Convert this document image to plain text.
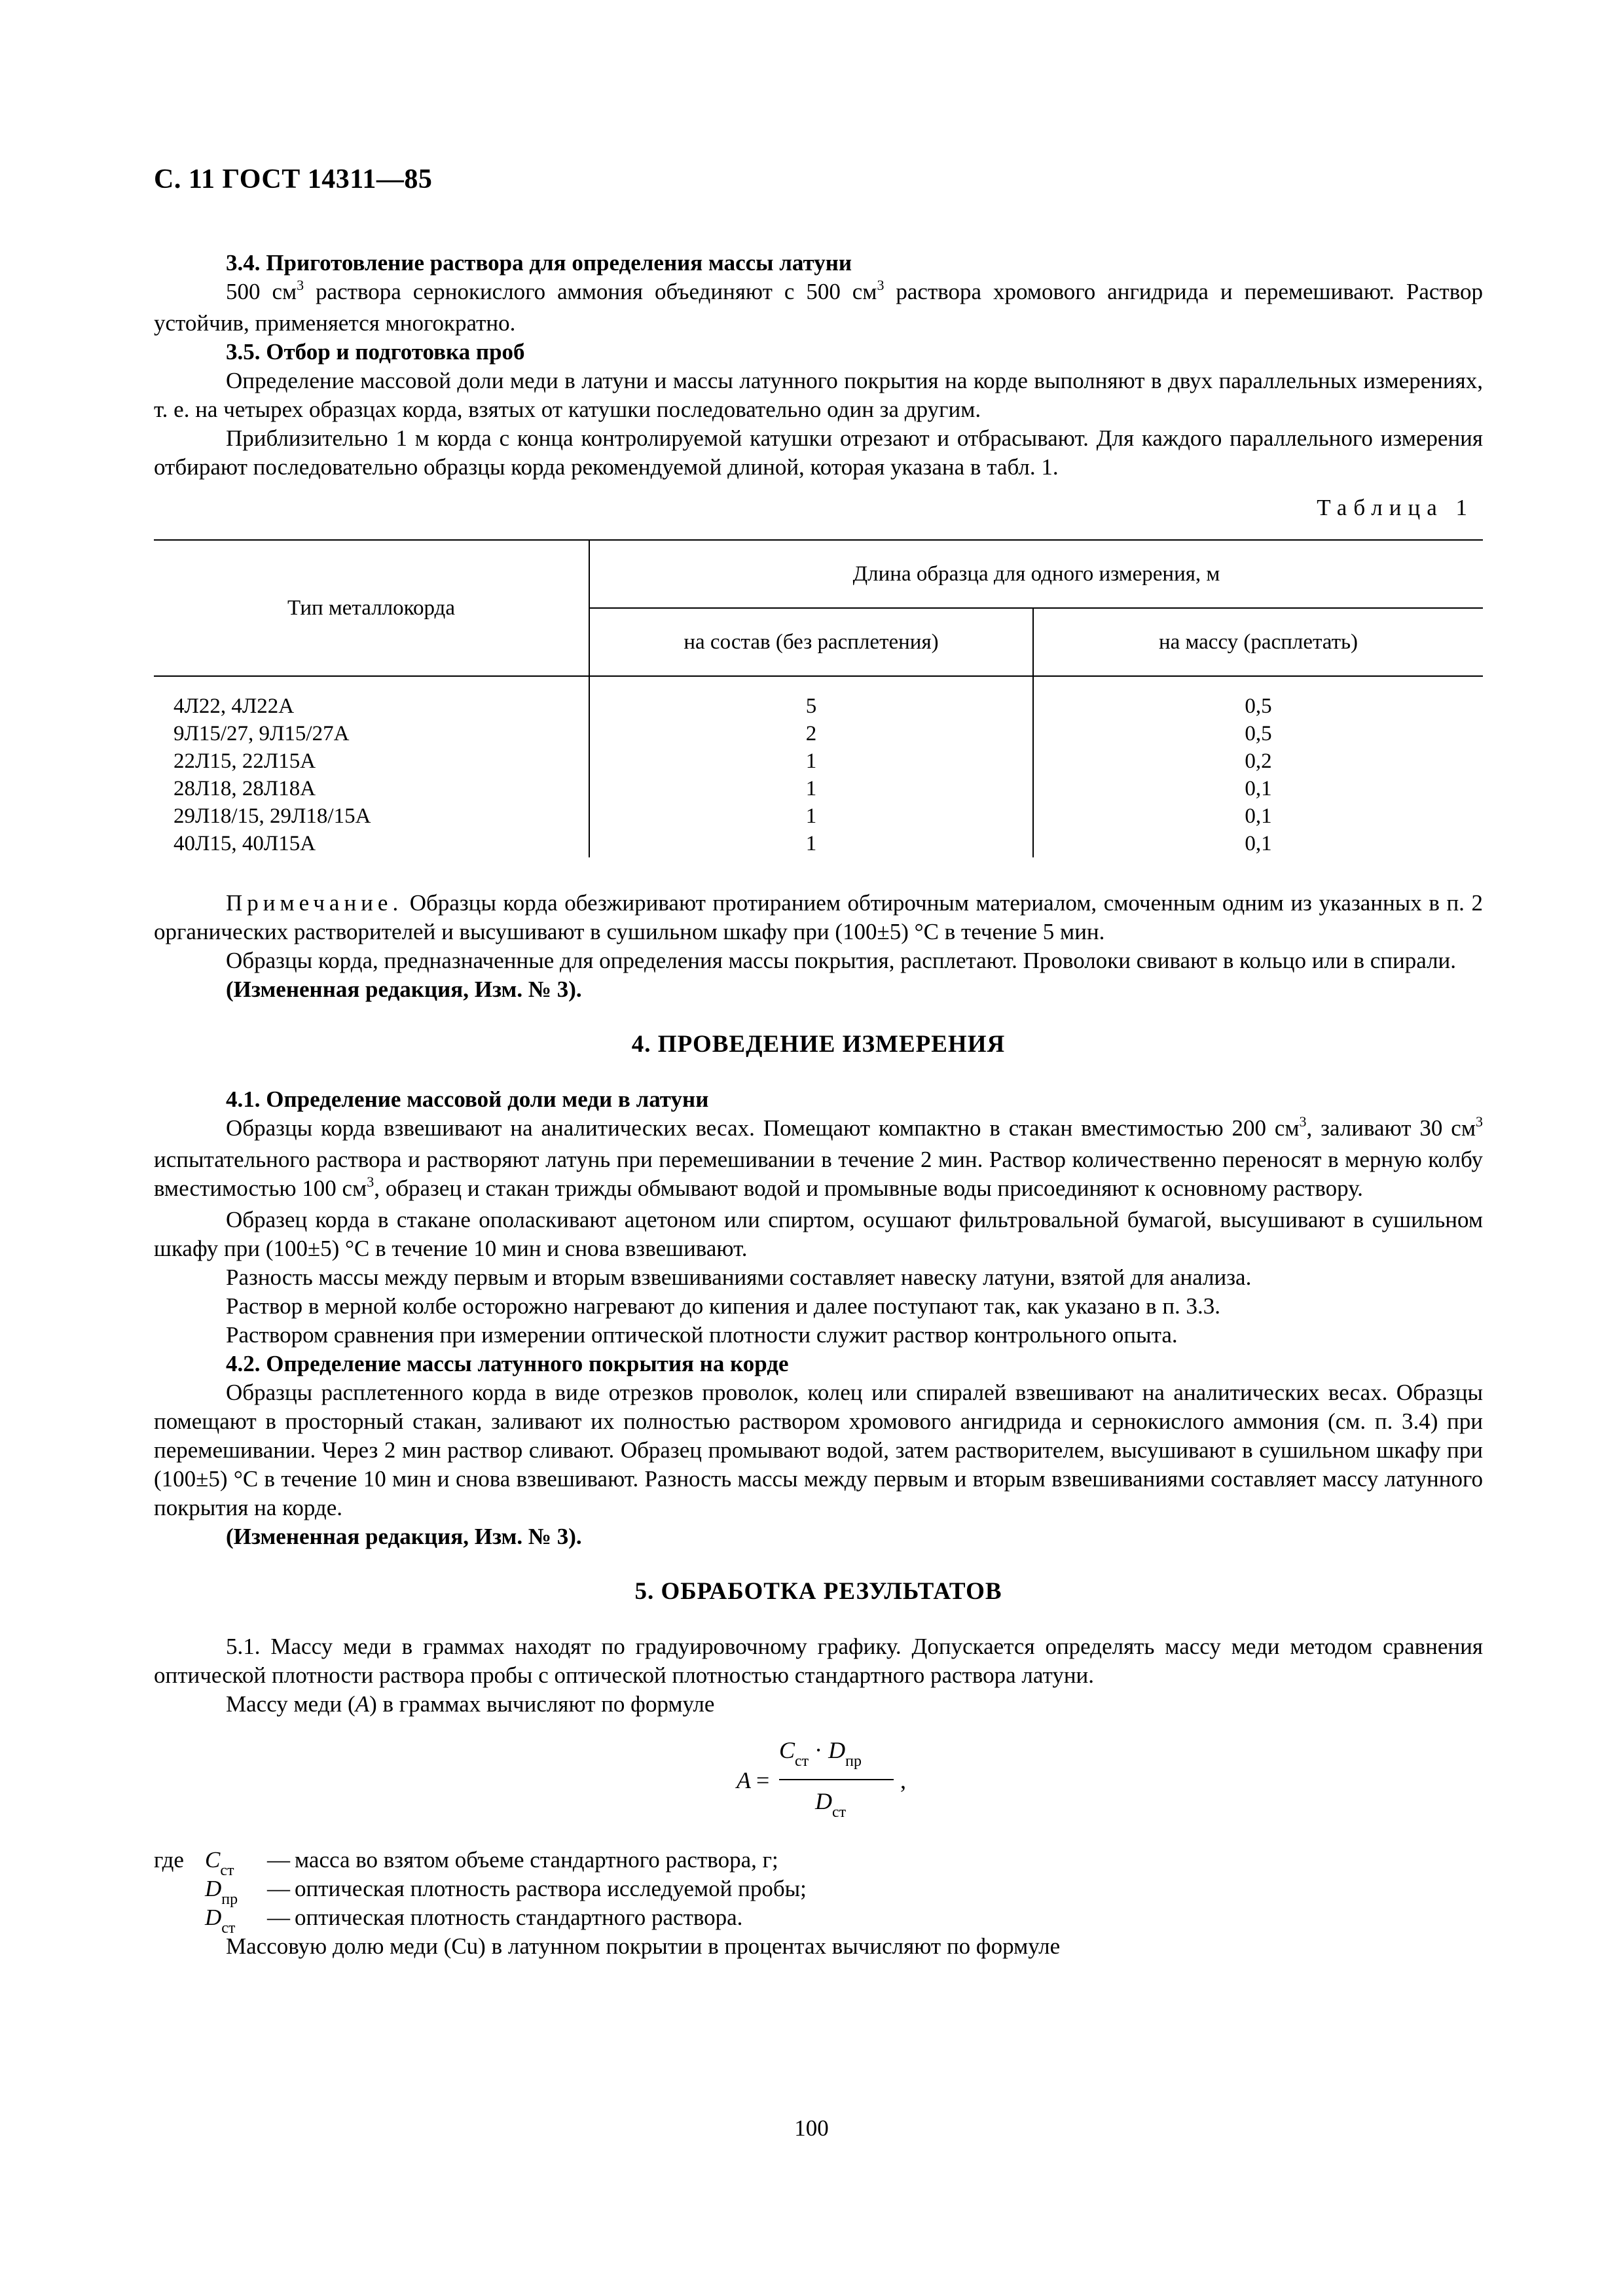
С. 11 ГОСТ 14311—85

3.4. Приготовление раствора для определения массы латуни

500 $см^3$ раствора сернокислого аммония объединяют с 500 $см^3$ раствора хромового ангидрида и перемешивают. Раствор устойчив, применяется многократно.

3.5. Отбор и подготовка проб

Определение массовой доли меди в латуни и массы латунного покрытия на корде выполняют в двух параллельных измерениях, т. е. на четырех образцах корда, взятых от катушки последовательно один за другим.

Приблизительно 1 м корда с конца контролируемой катушки отрезают и отбрасывают. Для каждого параллельного измерения отбирают последовательно образцы корда рекомендуемой длиной, которая указана в табл. 1.

Таблица 1

Тип металлокорда	Длина образца для одного измерения, м	
	на состав (без расплетения)	на массу (расплетать)
4Л22, 4Л22А	5	0,5
9Л15/27, 9Л15/27А	2	0,5
22Л15, 22Л15А	1	0,2
28Л18, 28Л18А	1	0,1
29Л18/15, 29Л18/15А	1	0,1
40Л15, 40Л15А	1	0,1

Примечание. Образцы корда обезжиривают протиранием обтирочным материалом, смоченным одним из указанных в п. 2 органических растворителей и высушивают в сушильном шкафу при (100±5) °С в течение 5 мин.

Образцы корда, предназначенные для определения массы покрытия, расплетают. Проволоки свивают в кольцо или в спирали.

(Измененная редакция, Изм. № 3).

4. ПРОВЕДЕНИЕ ИЗМЕРЕНИЯ

4.1. Определение массовой доли меди в латуни

Образцы корда взвешивают на аналитических весах. Помещают компактно в стакан вместимостью 200 $см^3$, заливают 30 $см^3$ испытательного раствора и растворяют латунь при перемешивании в течение 2 мин. Раствор количественно переносят в мерную колбу вместимостью 100 $см^3$, образец и стакан трижды обмывают водой и промывные воды присоединяют к основному раствору.

Образец корда в стакане ополаскивают ацетоном или спиртом, осушают фильтровальной бумагой, высушивают в сушильном шкафу при (100±5) °С в течение 10 мин и снова взвешивают.

Разность массы между первым и вторым взвешиваниями составляет навеску латуни, взятой для анализа.

Раствор в мерной колбе осторожно нагревают до кипения и далее поступают так, как указано в п. 3.3.

Раствором сравнения при измерении оптической плотности служит раствор контрольного опыта.

4.2. Определение массы латунного покрытия на корде

Образцы расплетенного корда в виде отрезков проволок, колец или спиралей взвешивают на аналитических весах. Образцы помещают в просторный стакан, заливают их полностью раствором хромового ангидрида и сернокислого аммония (см. п. 3.4) при перемешивании. Через 2 мин раствор сливают. Образец промывают водой, затем растворителем, высушивают в сушильном шкафу при (100±5) °С в течение 10 мин и снова взвешивают. Разность массы между первым и вторым взвешиваниями составляет массу латунного покрытия на корде.

(Измененная редакция, Изм. № 3).

5. ОБРАБОТКА РЕЗУЛЬТАТОВ

5.1. Массу меди в граммах находят по градуировочному графику. Допускается определять массу меди методом сравнения оптической плотности раствора пробы с оптической плотностью стандартного раствора латуни.

Массу меди (А) в граммах вычисляют по формуле

А =
$С_{ст} \cdot D_{пр}$
$D_{ст}$
,
где $С_{ст}$ — масса во взятом объеме стандартного раствора, г;
$D_{пр}$ — оптическая плотность раствора исследуемой пробы;
$D_{ст}$ — оптическая плотность стандартного раствора.

Массовую долю меди (Cu) в латунном покрытии в процентах вычисляют по формуле

100
